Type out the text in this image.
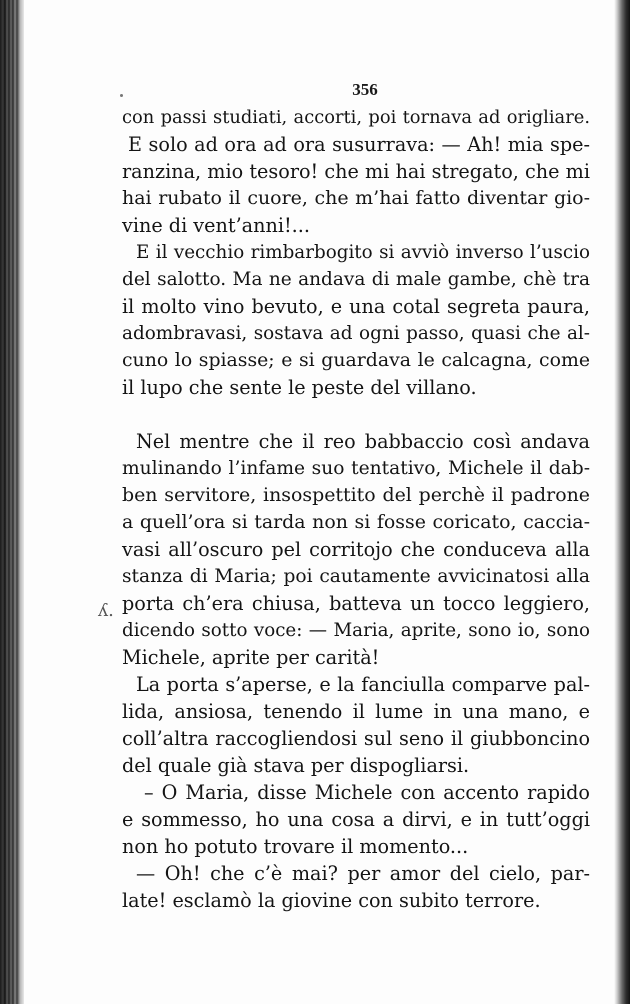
356
ʎ.
con passi studiati, accorti, poi tornava ad origliare.
E solo ad ora ad ora susurrava: — Ah! mia spe-
ranzina, mio tesoro! che mi hai stregato, che mi
hai rubato il cuore, che m’hai fatto diventar gio-
vine di vent’anni!...
E il vecchio rimbarbogito si avviò inverso l’uscio
del salotto. Ma ne andava di male gambe, chè tra
il molto vino bevuto, e una cotal segreta paura,
adombravasi, sostava ad ogni passo, quasi che al-
cuno lo spiasse; e si guardava le calcagna, come
il lupo che sente le peste del villano.
Nel mentre che il reo babbaccio così andava
mulinando l’infame suo tentativo, Michele il dab-
ben servitore, insospettito del perchè il padrone
a quell’ora si tarda non si fosse coricato, caccia-
vasi all’oscuro pel corritojo che conduceva alla
stanza di Maria; poi cautamente avvicinatosi alla
porta ch’era chiusa, batteva un tocco leggiero,
dicendo sotto voce: — Maria, aprite, sono io, sono
Michele, aprite per carità!
La porta s’aperse, e la fanciulla comparve pal-
lida, ansiosa, tenendo il lume in una mano, e
coll’altra raccogliendosi sul seno il giubboncino
del quale già stava per dispogliarsi.
– O Maria, disse Michele con accento rapido
e sommesso, ho una cosa a dirvi, e in tutt’oggi
non ho potuto trovare il momento...
— Oh! che c’è mai? per amor del cielo, par-
late! esclamò la giovine con subito terrore.
